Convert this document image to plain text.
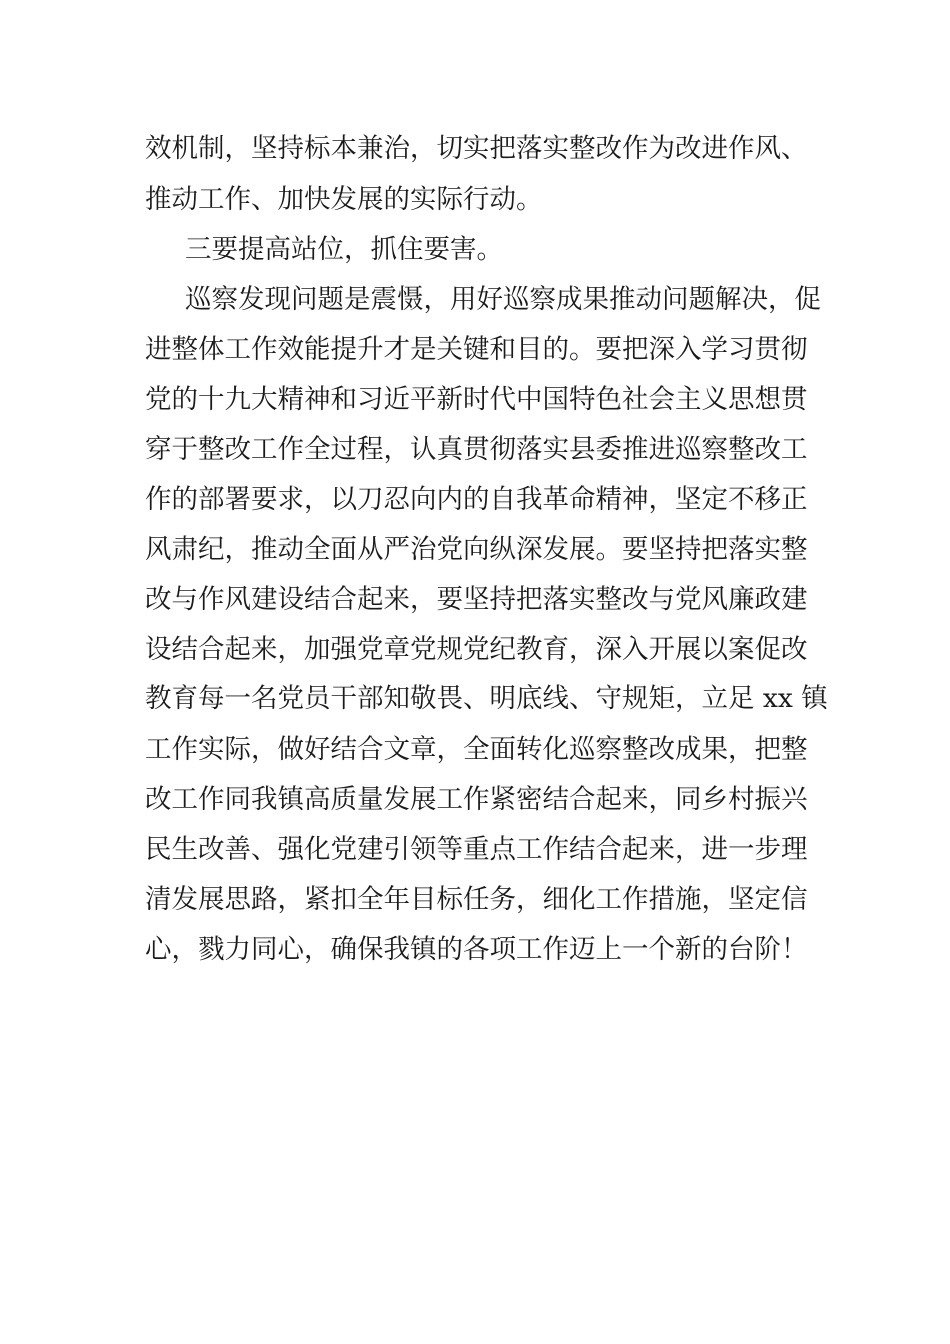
效机制，坚持标本兼治，切实把落实整改作为改进作风、
推动工作、加快发展的实际行动。
三要提高站位，抓住要害。
巡察发现问题是震慑，用好巡察成果推动问题解决，促
进整体工作效能提升才是关键和目的。要把深入学习贯彻
党的十九大精神和习近平新时代中国特色社会主义思想贯
穿于整改工作全过程，认真贯彻落实县委推进巡察整改工
作的部署要求，以刀忍向内的自我革命精神，坚定不移正
风肃纪，推动全面从严治党向纵深发展。要坚持把落实整
改与作风建设结合起来，要坚持把落实整改与党风廉政建
设结合起来，加强党章党规党纪教育，深入开展以案促改
教育每一名党员干部知敬畏、明底线、守规矩，立足 xx 镇
工作实际，做好结合文章，全面转化巡察整改成果，把整
改工作同我镇高质量发展工作紧密结合起来，同乡村振兴
民生改善、强化党建引领等重点工作结合起来，进一步理
清发展思路，紧扣全年目标任务，细化工作措施，坚定信
心，戮力同心，确保我镇的各项工作迈上一个新的台阶！
